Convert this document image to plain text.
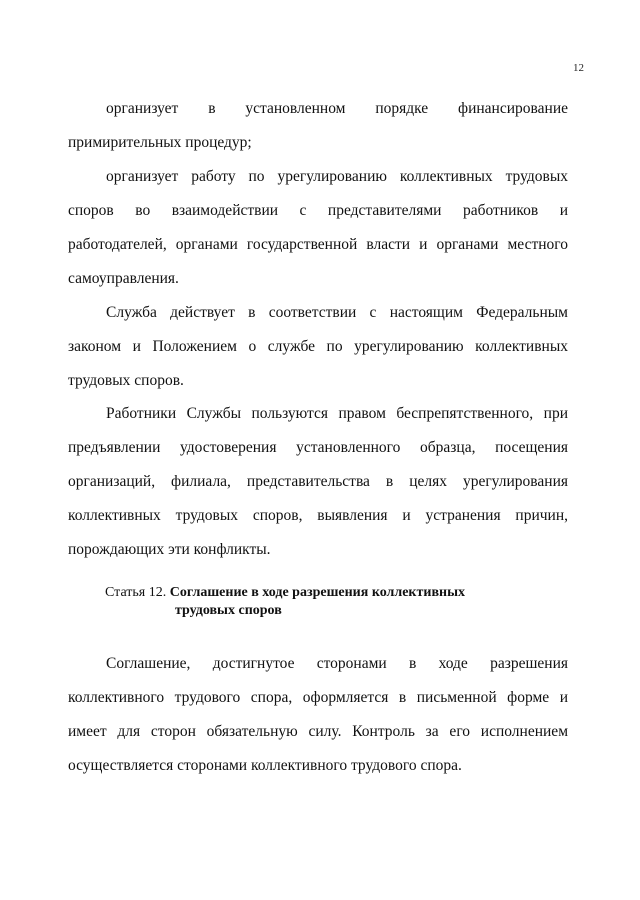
12
организует в установленном порядке финансирование
примирительных процедур;
организует работу по урегулированию коллективных трудовых
споров во взаимодействии с представителями работников и
работодателей, органами государственной власти и органами местного
самоуправления.
Служба действует в соответствии с настоящим Федеральным
законом и Положением о службе по урегулированию коллективных
трудовых споров.
Работники Службы пользуются правом беспрепятственного, при
предъявлении удостоверения установленного образца, посещения
организаций, филиала, представительства в целях урегулирования
коллективных трудовых споров, выявления и устранения причин,
порождающих эти конфликты.
Статья 12. Соглашение в ходе разрешения коллективных
трудовых споров
Соглашение, достигнутое сторонами в ходе разрешения
коллективного трудового спора, оформляется в письменной форме и
имеет для сторон обязательную силу. Контроль за его исполнением
осуществляется сторонами коллективного трудового спора.
